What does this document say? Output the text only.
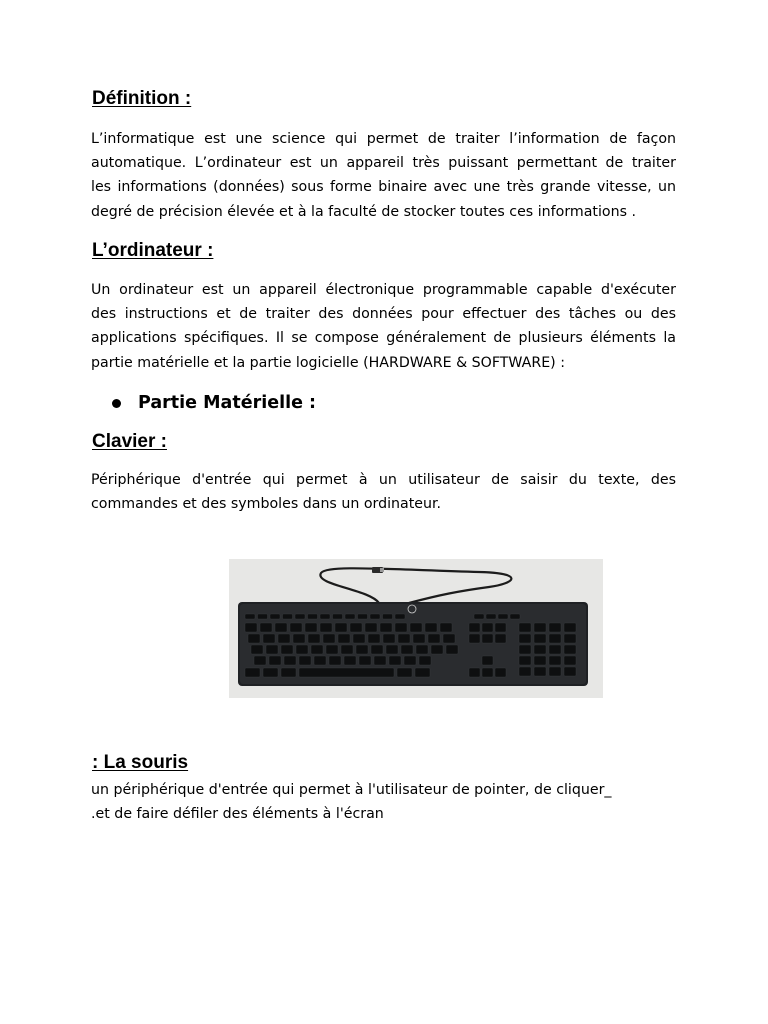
Définition :
L’informatique est une science qui permet de traiter l’information de façon
automatique. L’ordinateur est un appareil très puissant permettant de traiter
les informations (données) sous forme binaire avec une très grande vitesse, un
degré de précision élevée et à la faculté de stocker toutes ces informations .
L’ordinateur :
Un ordinateur est un appareil électronique programmable capable d'exécuter
des instructions et de traiter des données pour effectuer des tâches ou des
applications spécifiques. Il se compose généralement de plusieurs éléments la
partie matérielle et la partie logicielle (HARDWARE & SOFTWARE) :
Partie Matérielle :
Clavier :
Périphérique d'entrée qui permet à un utilisateur de saisir du texte, des
commandes et des symboles dans un ordinateur.
: La souris
un périphérique d'entrée qui permet à l'utilisateur de pointer, de cliquer_
.et de faire défiler des éléments à l'écran
